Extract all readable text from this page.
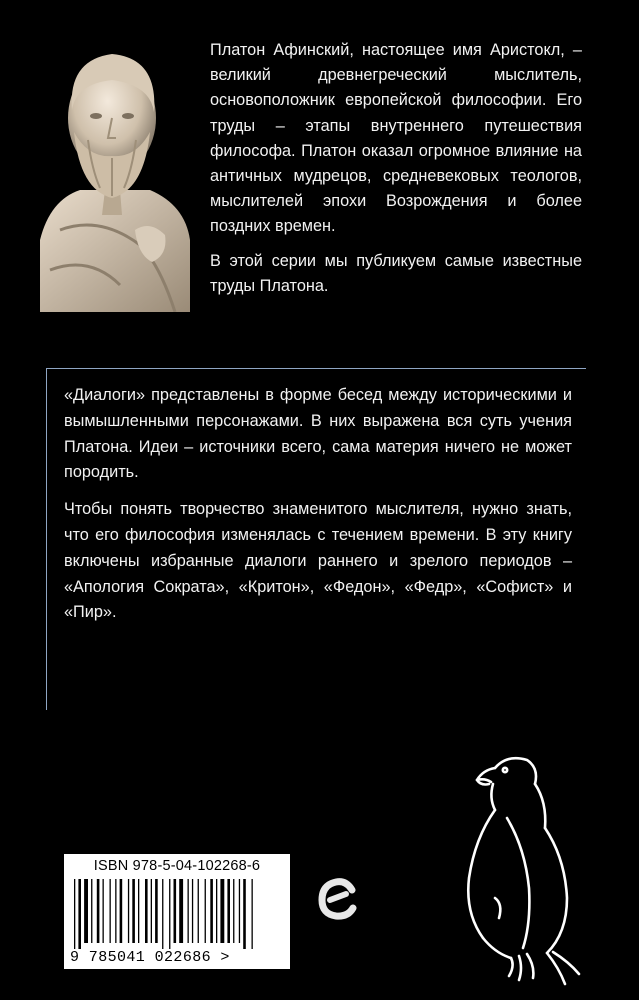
Платон Афинский, настоящее имя Аристокл, – великий древнегреческий мыслитель, основоположник европейской философии. Его труды – этапы внутреннего путешествия философа. Платон оказал огромное влияние на античных мудрецов, средневековых теологов, мыслителей эпохи Возрождения и более поздних времен.

В этой серии мы публикуем самые известные труды Платона.

«Диалоги» представлены в форме бесед между историческими и вымышленными персонажами. В них выражена вся суть учения Платона. Идеи – источники всего, сама материя ничего не может породить.

Чтобы понять творчество знаменитого мыслителя, нужно знать, что его философия изменялась с течением времени. В эту книгу включены избранные диалоги раннего и зрелого периодов – «Апология Сократа», «Критон», «Федон», «Федр», «Софист» и «Пир».

ISBN 978-5-04-102268-6
9 785041 022686 >
